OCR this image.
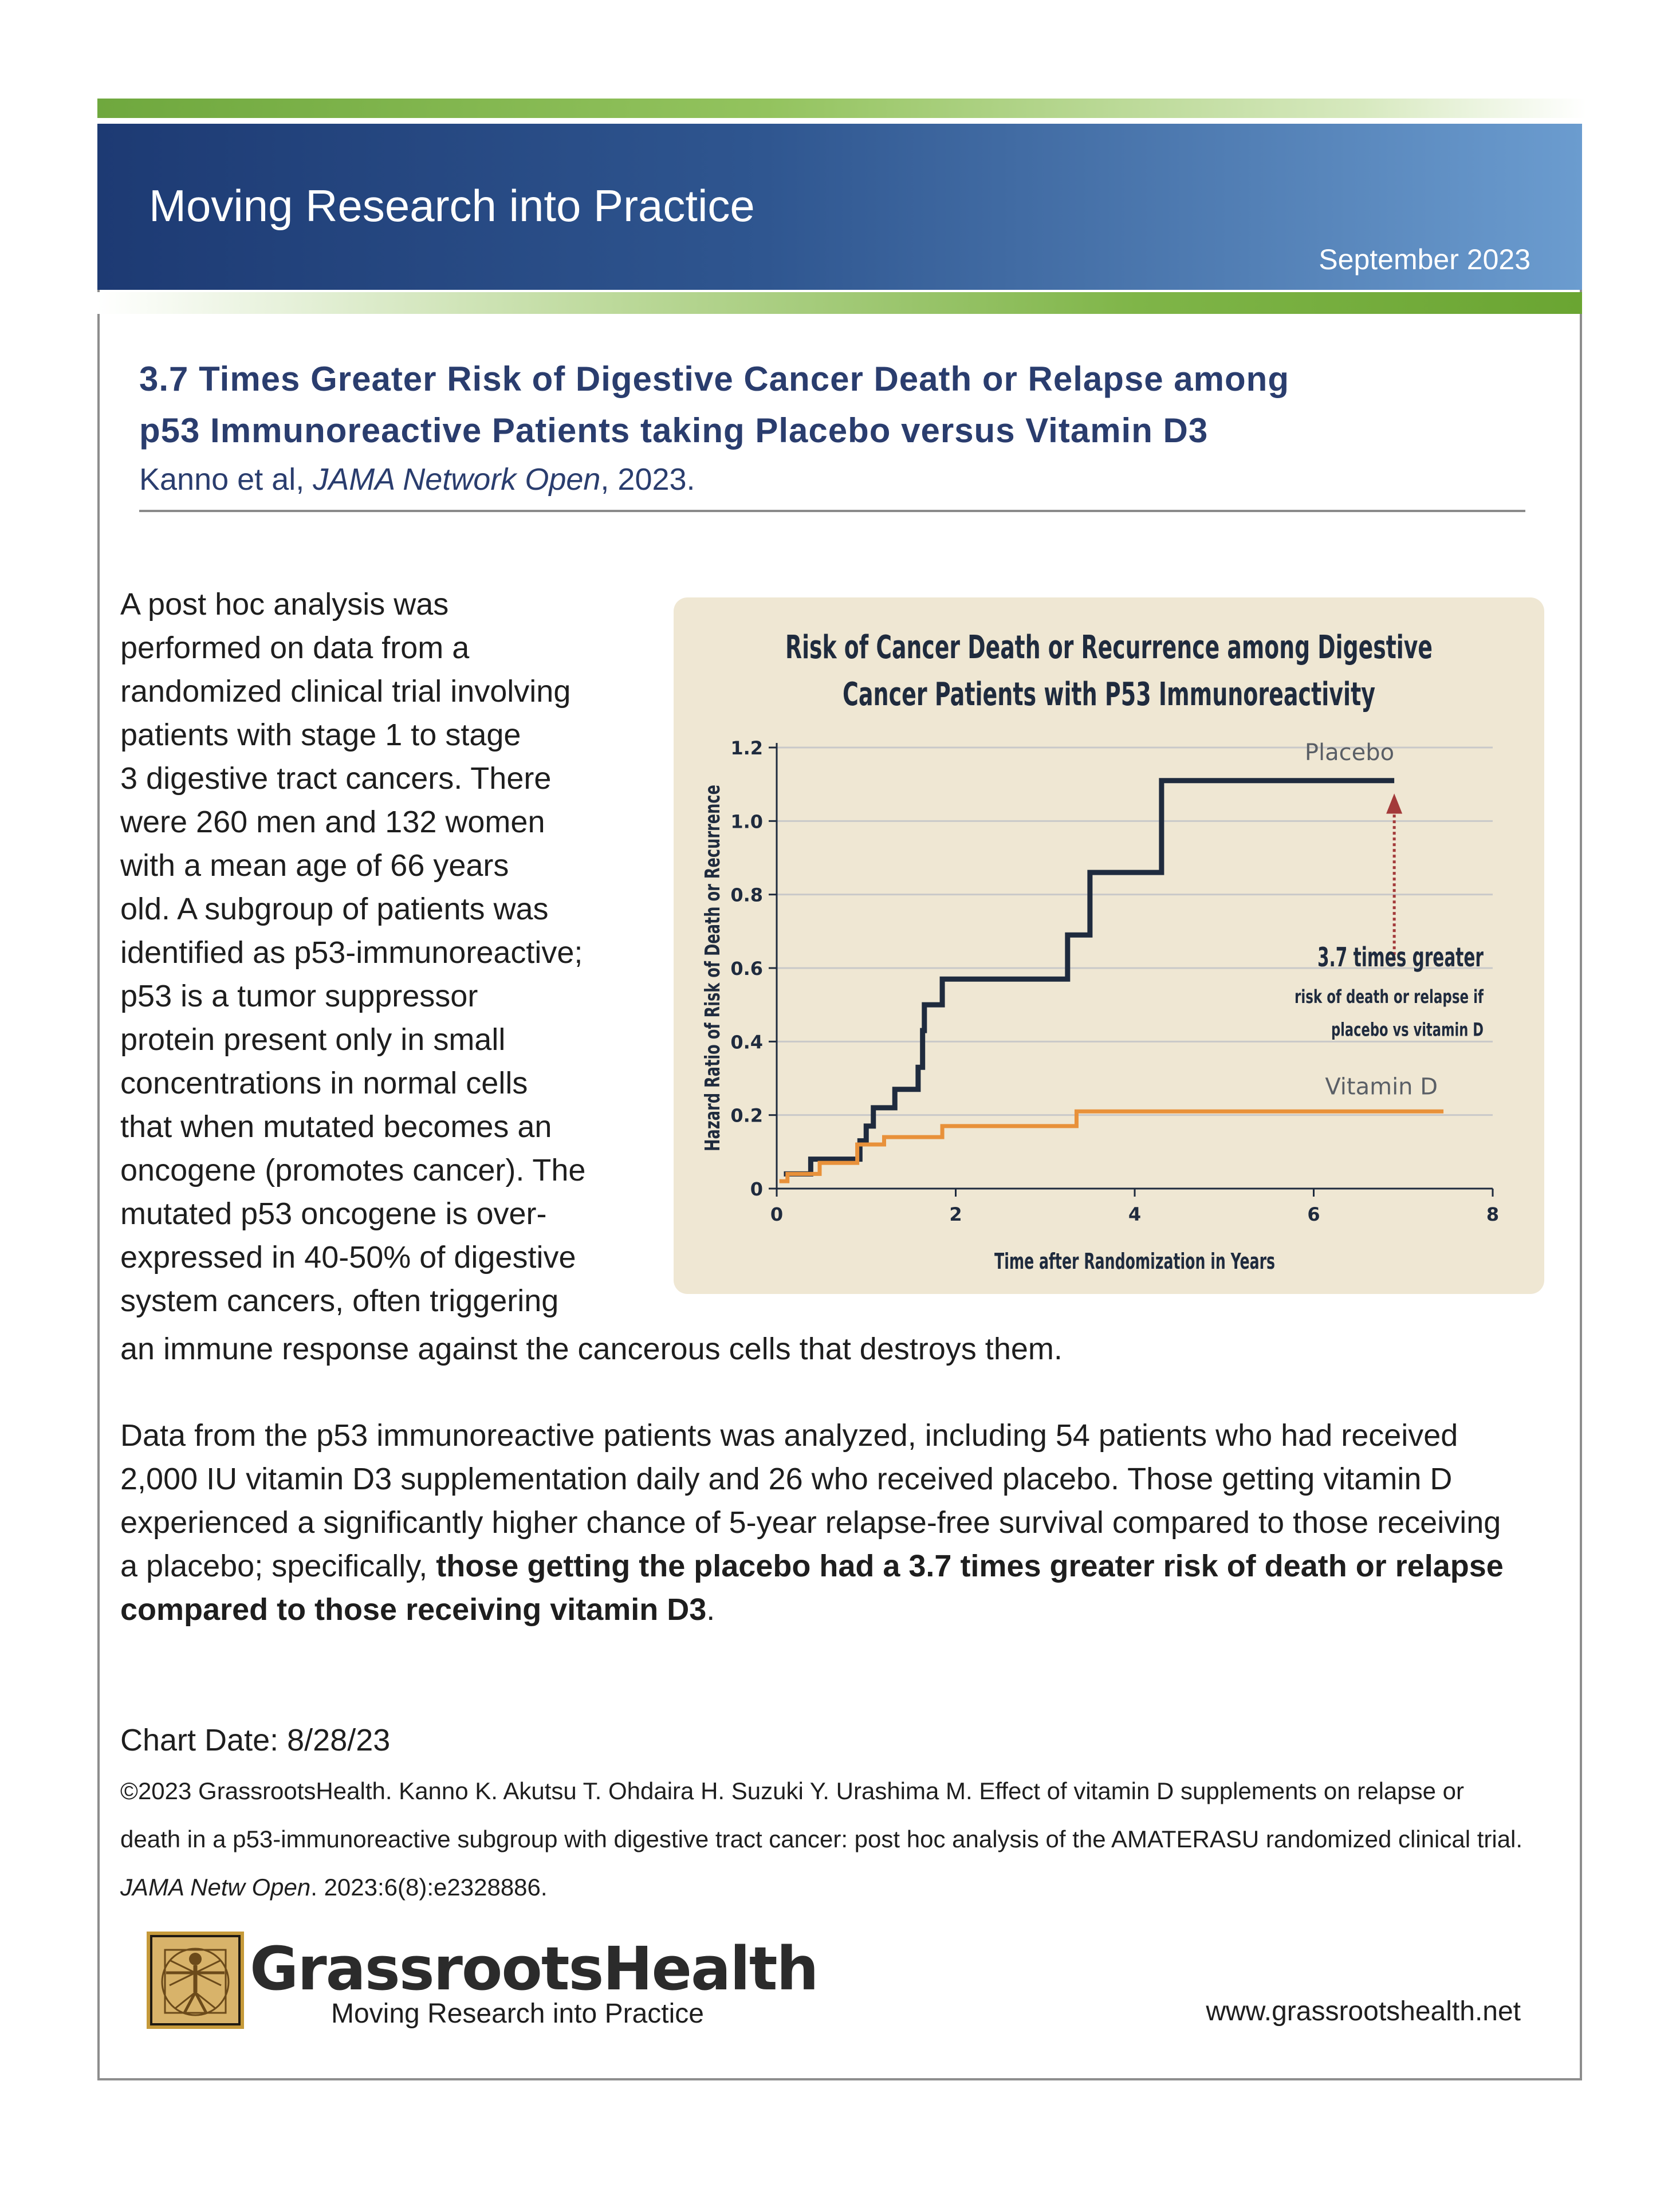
Moving Research into Practice
September 2023
3.7 Times Greater Risk of Digestive Cancer Death or Relapse among
p53 Immunoreactive Patients taking Placebo versus Vitamin D3
Kanno et al, JAMA Network Open, 2023.
A post hoc analysis was
performed on data from a
randomized clinical trial involving
patients with stage 1 to stage
3 digestive tract cancers. There
were 260 men and 132 women
with a mean age of 66 years
old. A subgroup of patients was
identified as p53-immunoreactive;
p53 is a tumor suppressor
protein present only in small
concentrations in normal cells
that when mutated becomes an
oncogene (promotes cancer). The
mutated p53 oncogene is over-
expressed in 40-50% of digestive
system cancers, often triggering
an immune response against the cancerous cells that destroys them.
Risk of Cancer Death or Recurrence among Digestive
Cancer Patients with P53 Immunoreactivity
0
0.2
0.4
0.6
0.8
1.0
1.2
0	2	4	6	8
Time after Randomization in Years
Hazard Ratio of Risk of Death or Recurrence	Placebo
Vitamin D
3.7 times greater
risk of death or relapse if
placebo vs vitamin D
Data from the p53 immunoreactive patients was analyzed, including 54 patients who had received 2,000 IU vitamin D3 supplementation daily and 26 who received placebo. Those getting vitamin D experienced a significantly higher chance of 5-year relapse-free survival compared to those receiving a placebo; specifically, those getting the placebo had a 3.7 times greater risk of death or relapse compared to those receiving vitamin D3.
Chart Date: 8/28/23
©2023 GrassrootsHealth. Kanno K. Akutsu T. Ohdaira H. Suzuki Y. Urashima M. Effect of vitamin D supplements on relapse or death in a p53-immunoreactive subgroup with digestive tract cancer: post hoc analysis of the AMATERASU randomized clinical trial. JAMA Netw Open. 2023:6(8):e2328886.
GrassrootsHealth
Moving Research into Practice	www.grassrootshealth.net
